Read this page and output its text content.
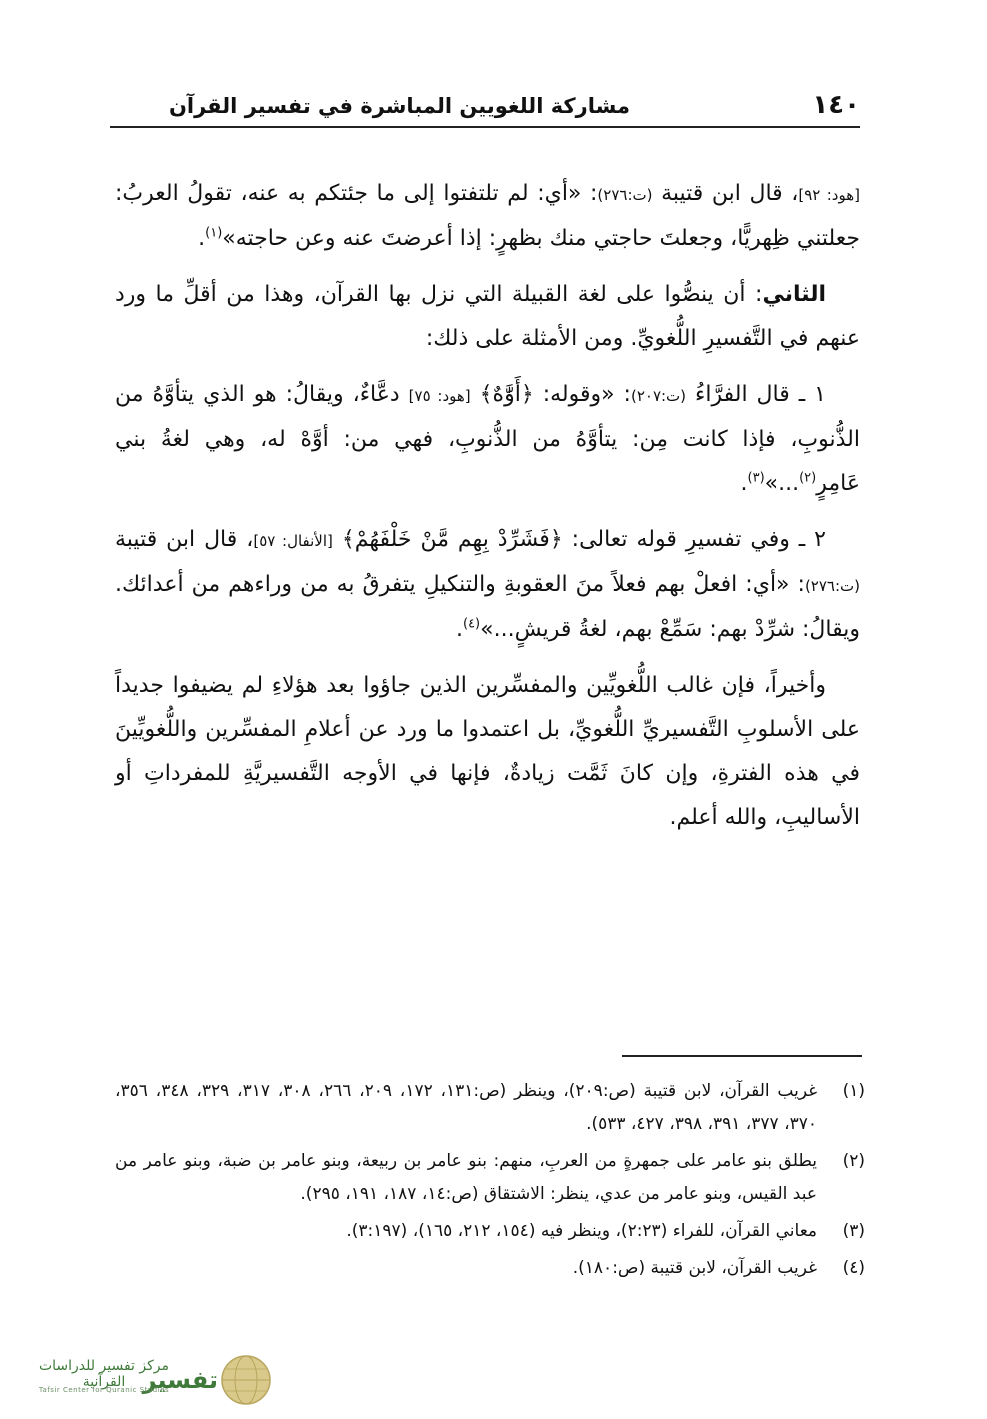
١٤٠
مشاركة اللغويين المباشرة في تفسير القرآن

[هود: ٩٢]، قال ابن قتيبة (ت:٢٧٦): «أي: لم تلتفتوا إلى ما جئتكم به عنه، تقولُ العربُ: جعلتني ظِهريًّا، وجعلتَ حاجتي منك بظهرٍ: إذا أعرضتَ عنه وعن حاجته»$^{(١)}$.

الثاني: أن ينصُّوا على لغة القبيلة التي نزل بها القرآن، وهذا من أقلِّ ما ورد عنهم في التَّفسيرِ اللُّغويِّ. ومن الأمثلة على ذلك:

١ ـ قال الفرَّاءُ (ت:٢٠٧): «وقوله: ﴿أَوَّٰهٌ﴾ [هود: ٧٥] دعَّاءٌ، ويقالُ: هو الذي يتأوَّهُ من الذُّنوبِ، فإذا كانت مِن: يتأوَّهُ من الذُّنوبِ، فهي من: أوَّهْ له، وهي لغةُ بني عَامِرٍ$^{(٢)}$...»$^{(٣)}$.

٢ ـ وفي تفسيرِ قوله تعالى: ﴿فَشَرِّدْ بِهِم مَّنْ خَلْفَهُمْ﴾ [الأنفال: ٥٧]، قال ابن قتيبة (ت:٢٧٦): «أي: افعلْ بهم فعلاً منَ العقوبةِ والتنكيلِ يتفرقُ به من وراءهم من أعدائك. ويقالُ: شرِّدْ بهم: سَمِّعْ بهم، لغةُ قريشٍ...»$^{(٤)}$.

وأخيراً، فإن غالب اللُّغويِّين والمفسِّرين الذين جاؤوا بعد هؤلاءِ لم يضيفوا جديداً على الأسلوبِ التَّفسيريِّ اللُّغويِّ، بل اعتمدوا ما ورد عن أعلامِ المفسِّرين واللُّغويِّينَ في هذه الفترةِ، وإن كانَ ثَمَّت زيادةٌ، فإنها في الأوجه التَّفسيريَّةِ للمفرداتِ أو الأساليبِ، والله أعلم.

(١)
غريب القرآن، لابن قتيبة (ص:٢٠٩)، وينظر (ص:١٣١، ١٧٢، ٢٠٩، ٢٦٦، ٣٠٨، ٣١٧، ٣٢٩، ٣٤٨، ٣٥٦، ٣٧٠، ٣٧٧، ٣٩١، ٣٩٨، ٤٢٧، ٥٣٣).
(٢)
يطلق بنو عامر على جمهرةٍ من العربِ، منهم: بنو عامر بن ربيعة، وبنو عامر بن ضبة، وبنو عامر من عبد القيس، وبنو عامر من عدي، ينظر: الاشتقاق (ص:١٤، ١٨٧، ١٩١، ٢٩٥).
(٣)
معاني القرآن، للفراء (٢:٢٣)، وينظر فيه (١٥٤، ٢١٢، ١٦٥)، (٣:١٩٧).
(٤)
غريب القرآن، لابن قتيبة (ص:١٨٠).
تفسير
مركز تفسير للدراسات القرآنية
Tafsir Center for Quranic Studies
